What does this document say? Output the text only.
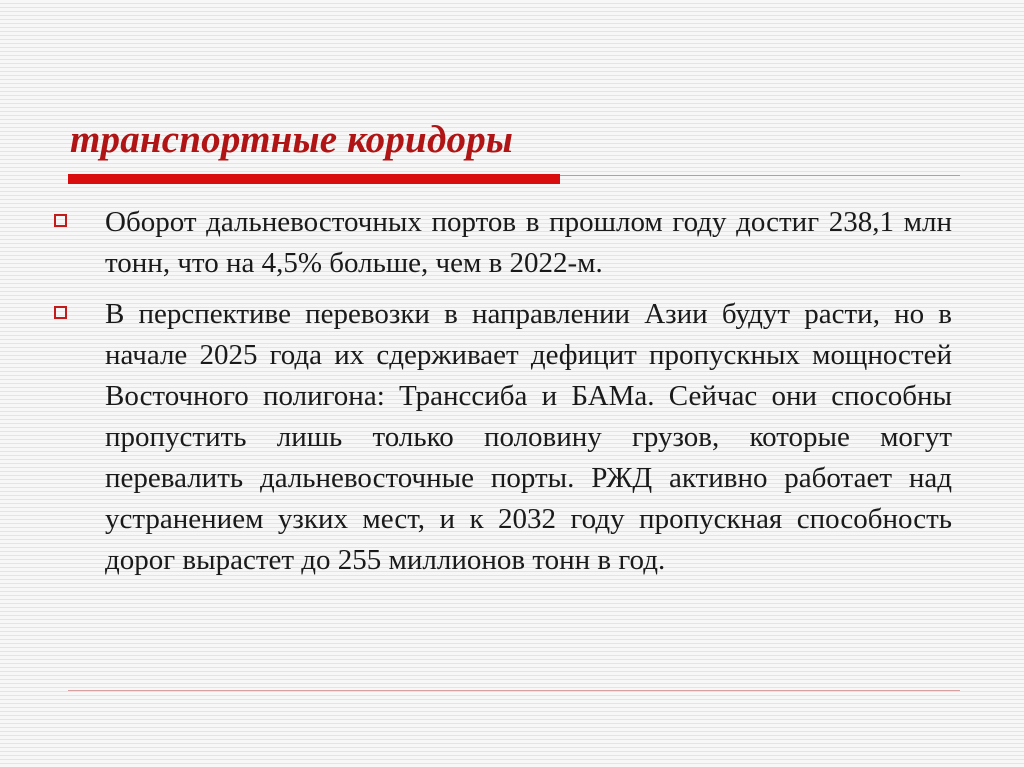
транспортные коридоры
Оборот дальневосточных портов в прошлом году достиг 238,1 млн тонн, что на 4,5% больше, чем в 2022-м.
В перспективе перевозки в направлении Азии будут расти, но в начале 2025 года их сдерживает дефицит пропускных мощностей Восточного полигона: Транссиба и БАМа. Сейчас они способны пропустить лишь только половину грузов, которые могут перевалить дальневосточные порты. РЖД активно работает над устранением узких мест, и к 2032 году пропускная способность дорог вырастет до 255 миллионов тонн в год.
